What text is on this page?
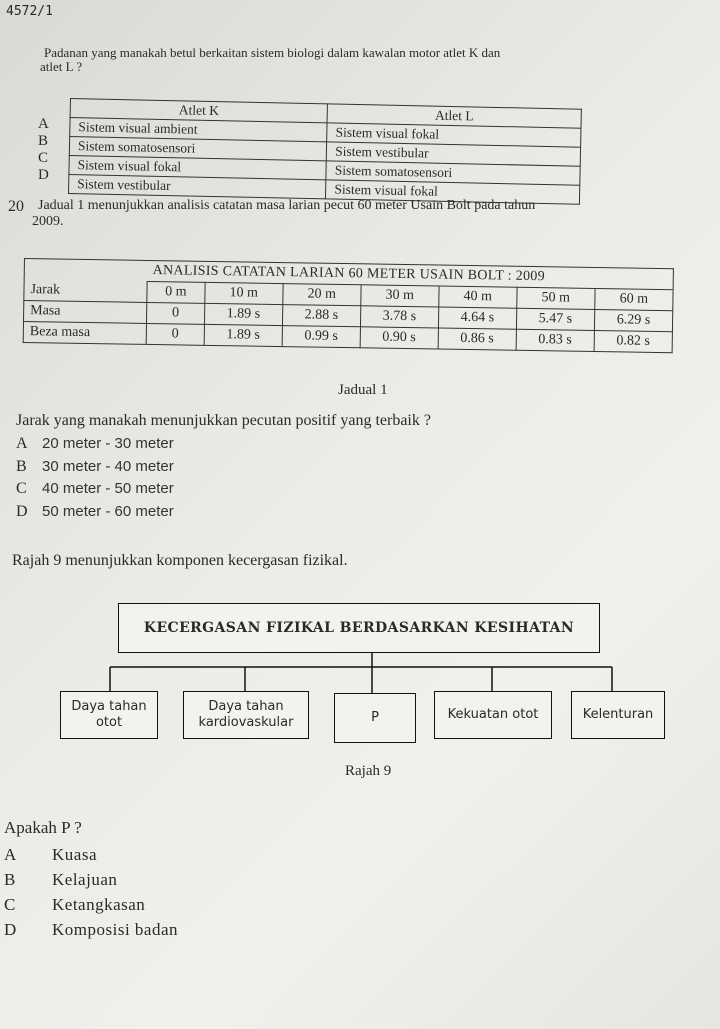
4572/1
Padanan yang manakah betul berkaitan sistem biologi dalam kawalan motor atlet K dan
atlet L ?
A
B
C
D
Atlet K	Atlet L
Sistem visual ambient	Sistem visual fokal
Sistem somatosensori	Sistem vestibular
Sistem visual fokal	Sistem somatosensori
Sistem vestibular	Sistem visual fokal
20 Jadual 1 menunjukkan analisis catatan masa larian pecut 60 meter Usain Bolt pada tahun
2009.
ANALISIS CATATAN LARIAN 60 METER USAIN BOLT : 2009							
Jarak	0 m	10 m	20 m	30 m	40 m	50 m	60 m
Masa	0	1.89 s	2.88 s	3.78 s	4.64 s	5.47 s	6.29 s
Beza masa	0	1.89 s	0.99 s	0.90 s	0.86 s	0.83 s	0.82 s
Jadual 1
Jarak yang manakah menunjukkan pecutan positif yang terbaik ?
A 20 meter - 30 meter
B 30 meter - 40 meter
C 40 meter - 50 meter
D 50 meter - 60 meter
Rajah 9 menunjukkan komponen kecergasan fizikal.
KECERGASAN FIZIKAL BERDASARKAN KESIHATAN
Daya tahan
otot
Daya tahan
kardiovaskular	P	Kekuatan otot	Kelenturan
Rajah 9
Apakah P ?
A Kuasa
B Kelajuan
C Ketangkasan
D Komposisi badan
